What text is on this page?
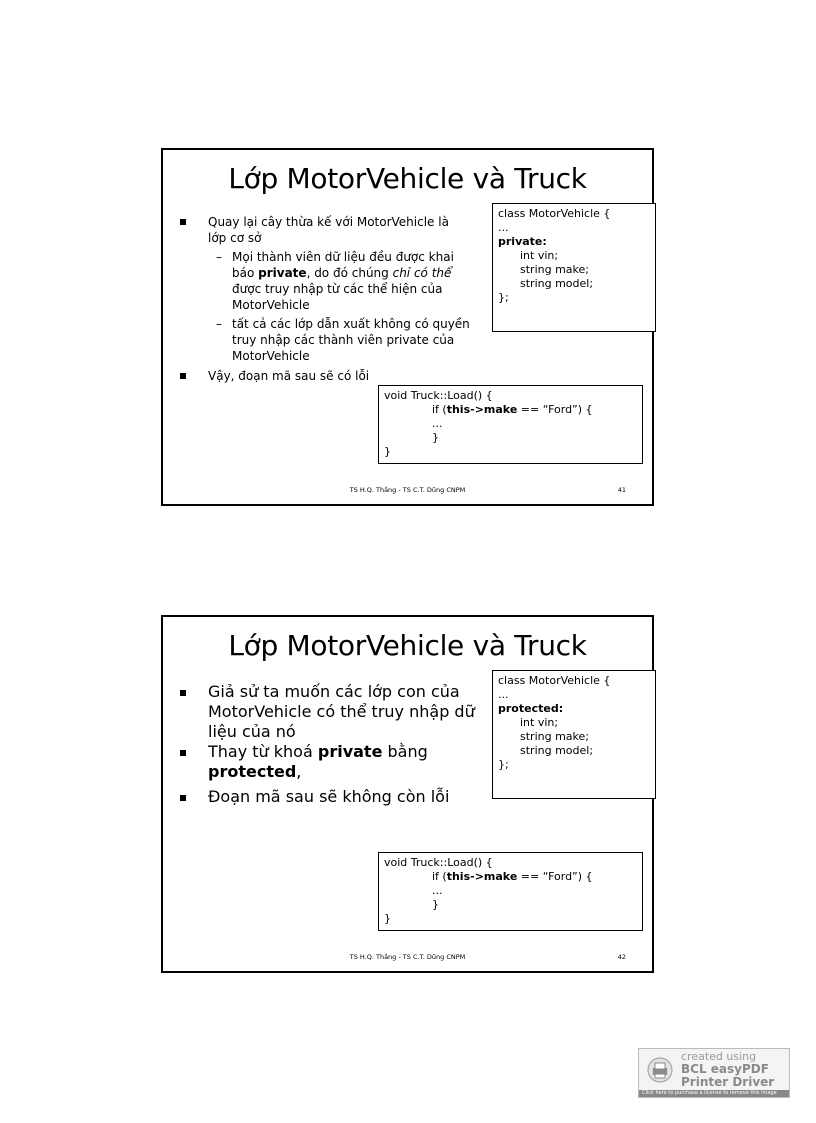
Lớp MotorVehicle và Truck
class MotorVehicle {
...
private:
int vin;
string make;
string model;
};
Quay lại cây thừa kế với MotorVehicle là
lớp cơ sở
– Mọi thành viên dữ liệu đều được khai
báo private, do đó chúng chỉ có thể
được truy nhập từ các thể hiện của
MotorVehicle
– tất cả các lớp dẫn xuất không có quyền
truy nhập các thành viên private của
MotorVehicle
Vậy, đoạn mã sau sẽ có lỗi
void Truck::Load() {
if (this->make == “Ford”) {
...
}
}
TS H.Q. Thắng - TS C.T. Dũng CNPM	41
Lớp MotorVehicle và Truck
class MotorVehicle {
...
protected:
int vin;
string make;
string model;
};
Giả sử ta muốn các lớp con của
MotorVehicle có thể truy nhập dữ
liệu của nó
Thay từ khoá private bằng
protected,
Đoạn mã sau sẽ không còn lỗi
void Truck::Load() {
if (this->make == “Ford”) {
...
}
}
TS H.Q. Thắng - TS C.T. Dũng CNPM	42
created using
BCL easyPDF
Printer Driver
Click here to purchase a license to remove this image
